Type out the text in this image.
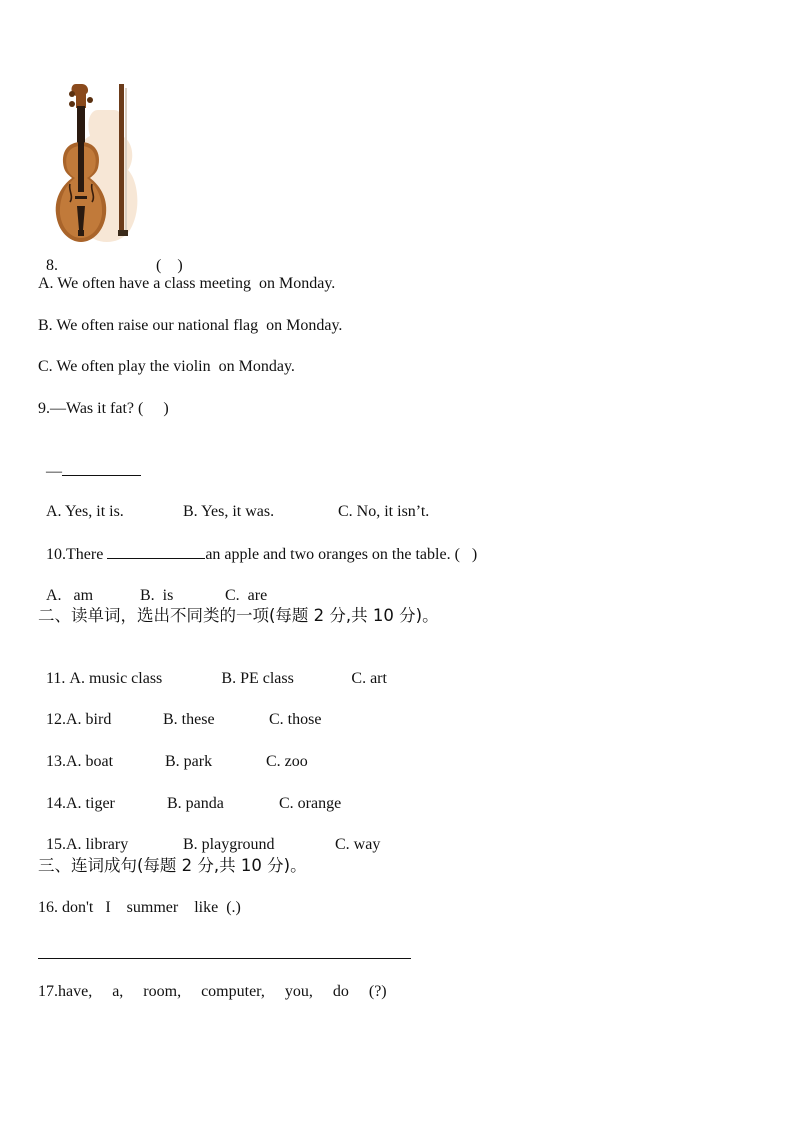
8.	(    )

A. We often have a class meeting  on Monday.
B. We often raise our national flag  on Monday.
C. We often play the violin  on Monday.
9.—Was it fat? (     )

—

A. Yes, it is.	B. Yes, it was.	C. No, it isn’t.

10.There	an apple and two oranges on the table. (   )

A.   am	B.  is	C.  are

二、读单词，选出不同类的一项(每题 2 分,共 10 分)。

11. A. music class	B. PE class	C. art

12.A. bird	B. these	C. those

13.A. boat	B. park	C. zoo

14.A. tiger	B. panda	C. orange

15.A. library	B. playground	C. way

三、连词成句(每题 2 分,共 10 分)。
16. don't   I    summer    like  (.)
17.have,     a,     room,     computer,     you,     do     (?)
